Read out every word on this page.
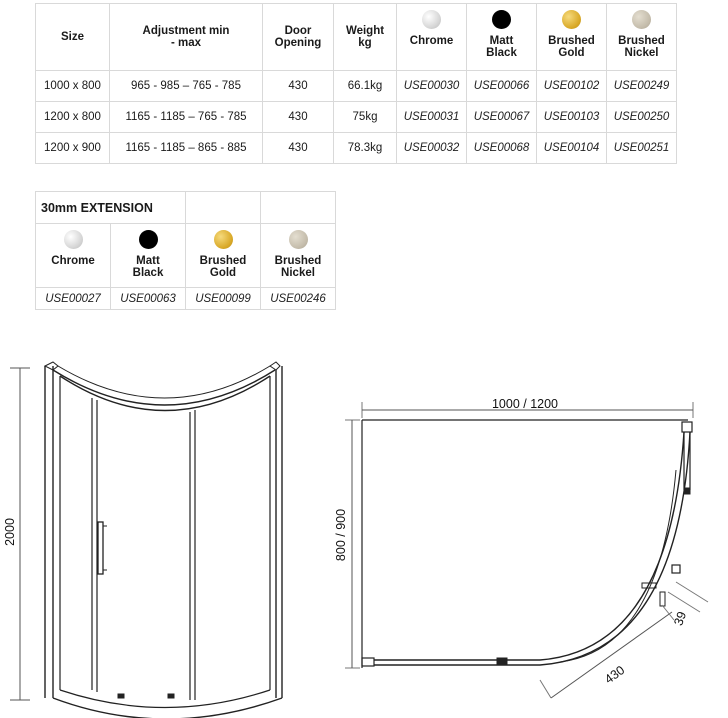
Size	Adjustment min - max	Door Opening	Weight kg	Chrome	Matt Black	Brushed Gold	Brushed Nickel
1000 x 800	965 - 985 – 765 - 785	430	66.1kg	USE00030	USE00066	USE00102	USE00249
1200 x 800	1165 - 1185 – 765 - 785	430	75kg	USE00031	USE00067	USE00103	USE00250
1200 x 900	1165 - 1185 – 865 - 885	430	78.3kg	USE00032	USE00068	USE00104	USE00251
30mm EXTENSION			

Chrome	Matt Black	Brushed Gold	Brushed Nickel
USE00027	USE00063	USE00099	USE00246
2000
1000 / 1200
800 / 900
430
39
